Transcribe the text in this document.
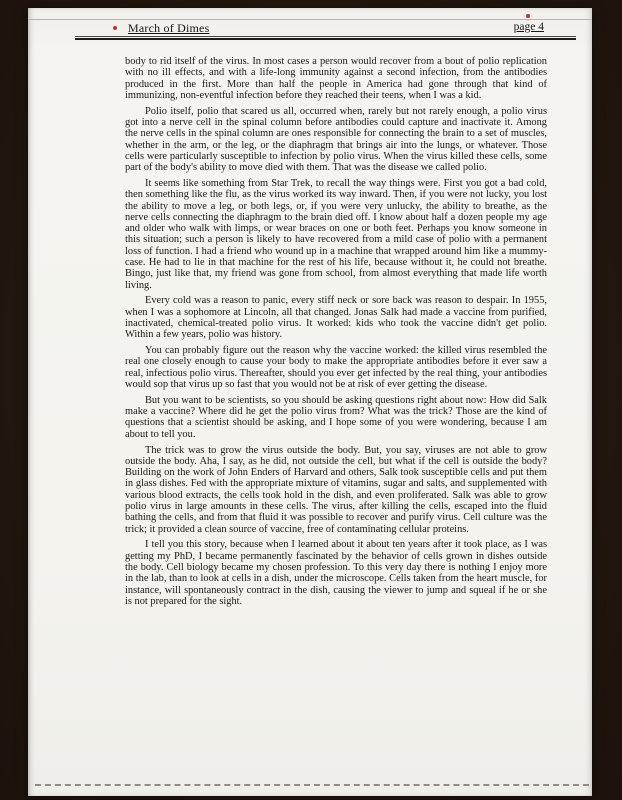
March of Dimes	page 4

body to rid itself of the virus. In most cases a person would recover from a bout of polio replication with no ill effects, and with a life-long immunity against a second infection, from the antibodies produced in the first. More than half the people in America had gone through that kind of immunizing, non-eventful infection before they reached their teens, when I was a kid.

Polio itself, polio that scared us all, occurred when, rarely but not rarely enough, a polio virus got into a nerve cell in the spinal column before antibodies could capture and inactivate it. Among the nerve cells in the spinal column are ones responsible for connecting the brain to a set of muscles, whether in the arm, or the leg, or the diaphragm that brings air into the lungs, or whatever. Those cells were particularly susceptible to infection by polio virus. When the virus killed these cells, some part of the body's ability to move died with them. That was the disease we called polio.

It seems like something from Star Trek, to recall the way things were. First you got a bad cold, then something like the flu, as the virus worked its way inward. Then, if you were not lucky, you lost the ability to move a leg, or both legs, or, if you were very unlucky, the ability to breathe, as the nerve cells connecting the diaphragm to the brain died off. I know about half a dozen people my age and older who walk with limps, or wear braces on one or both feet. Perhaps you know someone in this situation; such a person is likely to have recovered from a mild case of polio with a permanent loss of function. I had a friend who wound up in a machine that wrapped around him like a mummy-case. He had to lie in that machine for the rest of his life, because without it, he could not breathe. Bingo, just like that, my friend was gone from school, from almost everything that made life worth living.

Every cold was a reason to panic, every stiff neck or sore back was reason to despair. In 1955, when I was a sophomore at Lincoln, all that changed. Jonas Salk had made a vaccine from purified, inactivated, chemical-treated polio virus. It worked: kids who took the vaccine didn't get polio. Within a few years, polio was history.

You can probably figure out the reason why the vaccine worked: the killed virus resembled the real one closely enough to cause your body to make the appropriate antibodies before it ever saw a real, infectious polio virus. Thereafter, should you ever get infected by the real thing, your antibodies would sop that virus up so fast that you would not be at risk of ever getting the disease.

But you want to be scientists, so you should be asking questions right about now: How did Salk make a vaccine? Where did he get the polio virus from? What was the trick? Those are the kind of questions that a scientist should be asking, and I hope some of you were wondering, because I am about to tell you.

The trick was to grow the virus outside the body. But, you say, viruses are not able to grow outside the body. Aha, I say, as he did, not outside the cell, but what if the cell is outside the body? Building on the work of John Enders of Harvard and others, Salk took susceptible cells and put them in glass dishes. Fed with the appropriate mixture of vitamins, sugar and salts, and supplemented with various blood extracts, the cells took hold in the dish, and even proliferated. Salk was able to grow polio virus in large amounts in these cells. The virus, after killing the cells, escaped into the fluid bathing the cells, and from that fluid it was possible to recover and purify virus. Cell culture was the trick; it provided a clean source of vaccine, free of contaminating cellular proteins.

I tell you this story, because when I learned about it about ten years after it took place, as I was getting my PhD, I became permanently fascinated by the behavior of cells grown in dishes outside the body. Cell biology became my chosen profession. To this very day there is nothing I enjoy more in the lab, than to look at cells in a dish, under the microscope. Cells taken from the heart muscle, for instance, will spontaneously contract in the dish, causing the viewer to jump and squeal if he or she is not prepared for the sight.
